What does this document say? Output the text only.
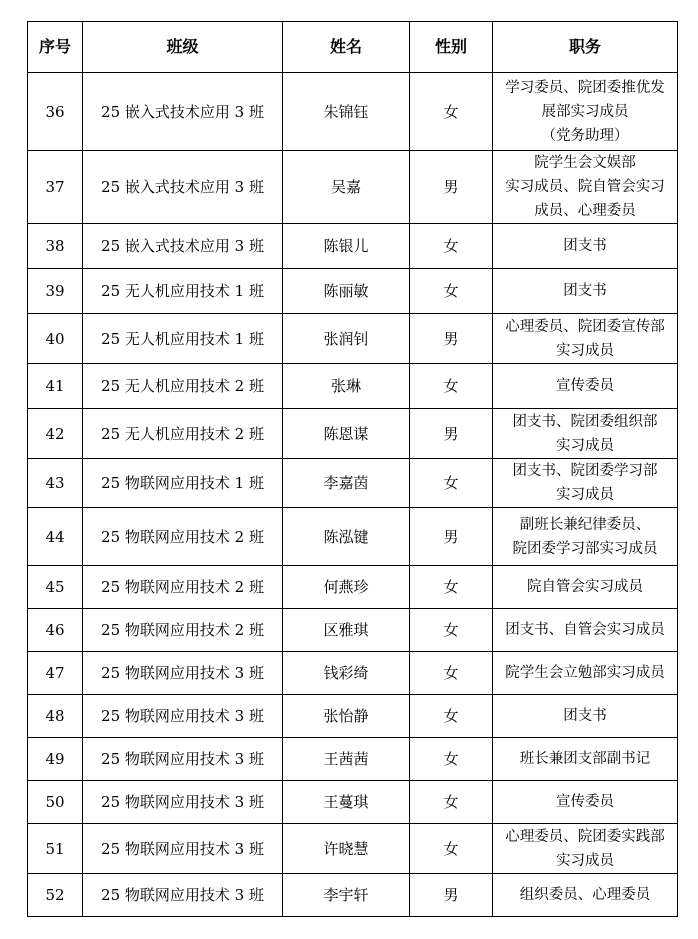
序号	班级	姓名	性别	职务
36	25 嵌入式技术应用 3 班	朱锦钰	女	学习委员、院团委推优发
展部实习成员
（党务助理）

37	25 嵌入式技术应用 3 班	吴嘉	男	院学生会文娱部
实习成员、院自管会实习
成员、心理委员

38	25 嵌入式技术应用 3 班	陈银儿	女	团支书

39	25 无人机应用技术 1 班	陈丽敏	女	团支书

40	25 无人机应用技术 1 班	张润钊	男	心理委员、院团委宣传部
实习成员

41	25 无人机应用技术 2 班	张琳	女	宣传委员

42	25 无人机应用技术 2 班	陈恩谋	男	团支书、院团委组织部
实习成员

43	25 物联网应用技术 1 班	李嘉茵	女	团支书、院团委学习部
实习成员

44	25 物联网应用技术 2 班	陈泓键	男	副班长兼纪律委员、
院团委学习部实习成员

45	25 物联网应用技术 2 班	何燕珍	女	院自管会实习成员

46	25 物联网应用技术 2 班	区雅琪	女	团支书、自管会实习成员

47	25 物联网应用技术 3 班	钱彩绮	女	院学生会立勉部实习成员

48	25 物联网应用技术 3 班	张怡静	女	团支书

49	25 物联网应用技术 3 班	王茜茜	女	班长兼团支部副书记

50	25 物联网应用技术 3 班	王蔓琪	女	宣传委员

51	25 物联网应用技术 3 班	许晓慧	女	心理委员、院团委实践部
实习成员

52	25 物联网应用技术 3 班	李宇轩	男	组织委员、心理委员
